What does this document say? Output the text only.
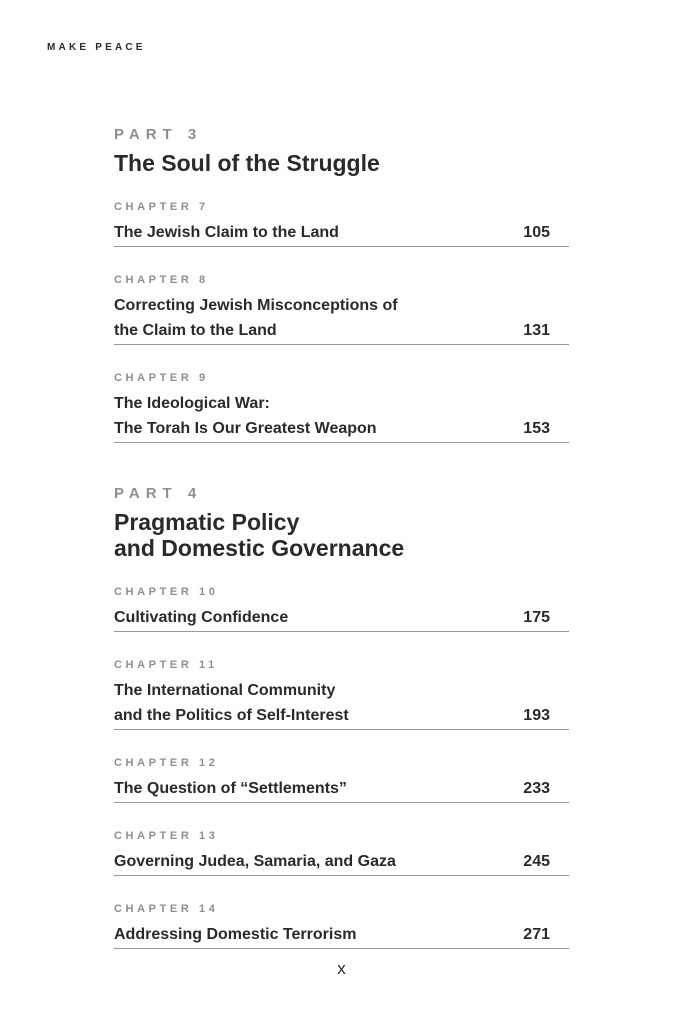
MAKE PEACE
PART 3
The Soul of the Struggle
CHAPTER 7
The Jewish Claim to the Land	105
CHAPTER 8
Correcting Jewish Misconceptions of
the Claim to the Land	131
CHAPTER 9
The Ideological War:
The Torah Is Our Greatest Weapon	153
PART 4
Pragmatic Policy
and Domestic Governance
CHAPTER 10
Cultivating Confidence	175
CHAPTER 11
The International Community
and the Politics of Self-Interest	193
CHAPTER 12
The Question of “Settlements”	233
CHAPTER 13
Governing Judea, Samaria, and Gaza	245
CHAPTER 14
Addressing Domestic Terrorism	271
x
